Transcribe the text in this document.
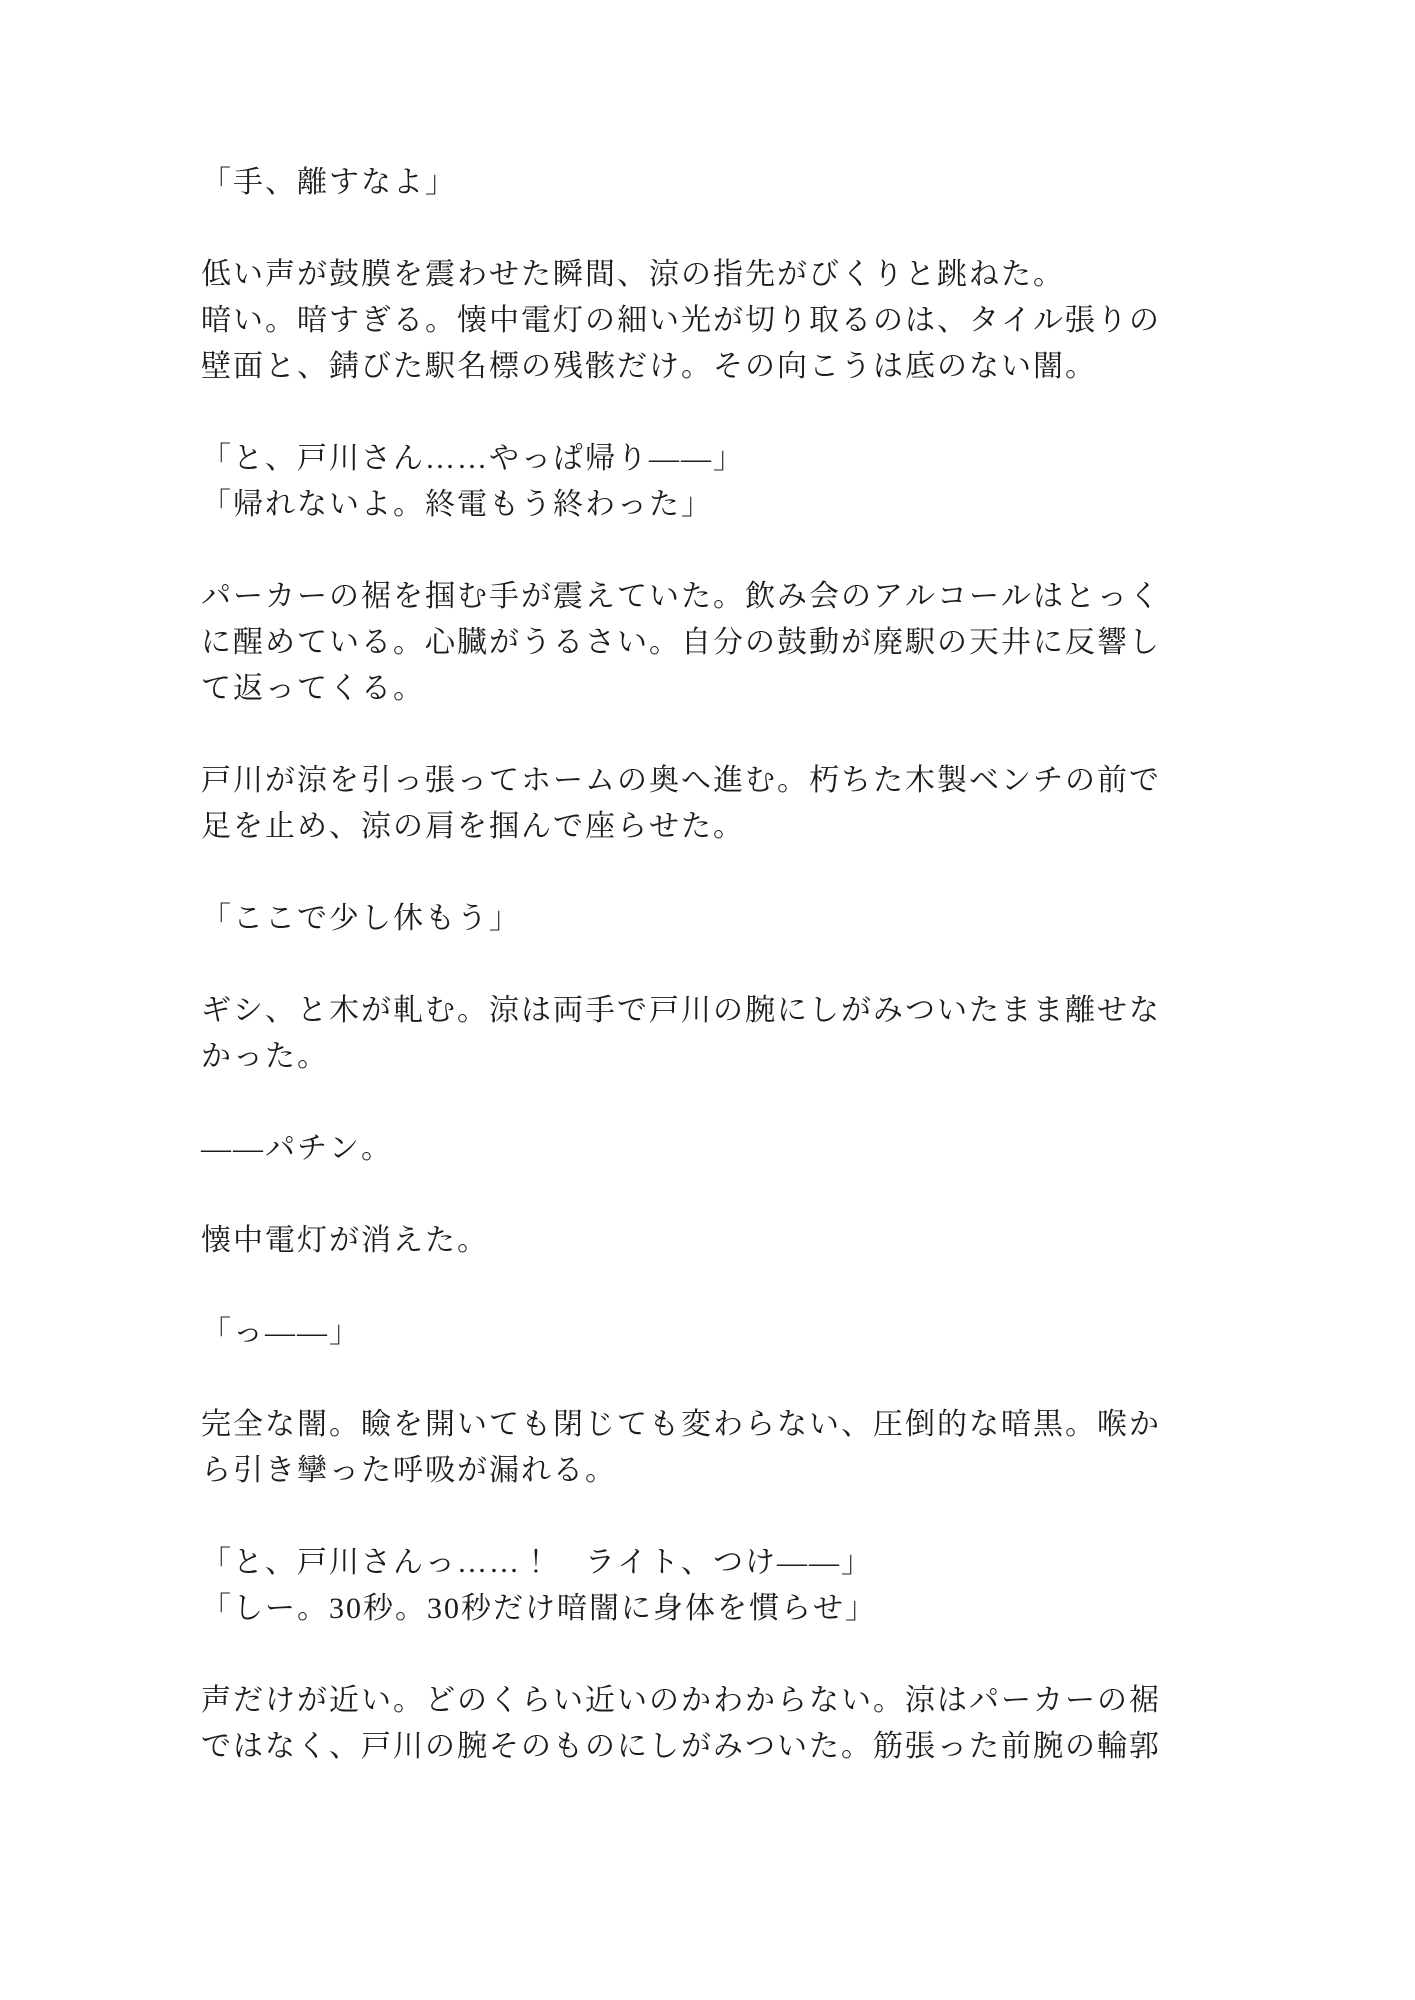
「手、離すなよ」
低い声が鼓膜を震わせた瞬間、涼の指先がびくりと跳ねた。
暗い。暗すぎる。懐中電灯の細い光が切り取るのは、タイル張りの
壁面と、錆びた駅名標の残骸だけ。その向こうは底のない闇。
「と、戸川さん……やっぱ帰り――」
「帰れないよ。終電もう終わった」
パーカーの裾を掴む手が震えていた。飲み会のアルコールはとっく
に醒めている。心臓がうるさい。自分の鼓動が廃駅の天井に反響し
て返ってくる。
戸川が涼を引っ張ってホームの奥へ進む。朽ちた木製ベンチの前で
足を止め、涼の肩を掴んで座らせた。
「ここで少し休もう」
ギシ、と木が軋む。涼は両手で戸川の腕にしがみついたまま離せな
かった。
――パチン。
懐中電灯が消えた。
「っ――」
完全な闇。瞼を開いても閉じても変わらない、圧倒的な暗黒。喉か
ら引き攣った呼吸が漏れる。
「と、戸川さんっ……！　ライト、つけ――」
「しー。30秒。30秒だけ暗闇に身体を慣らせ」
声だけが近い。どのくらい近いのかわからない。涼はパーカーの裾
ではなく、戸川の腕そのものにしがみついた。筋張った前腕の輪郭
